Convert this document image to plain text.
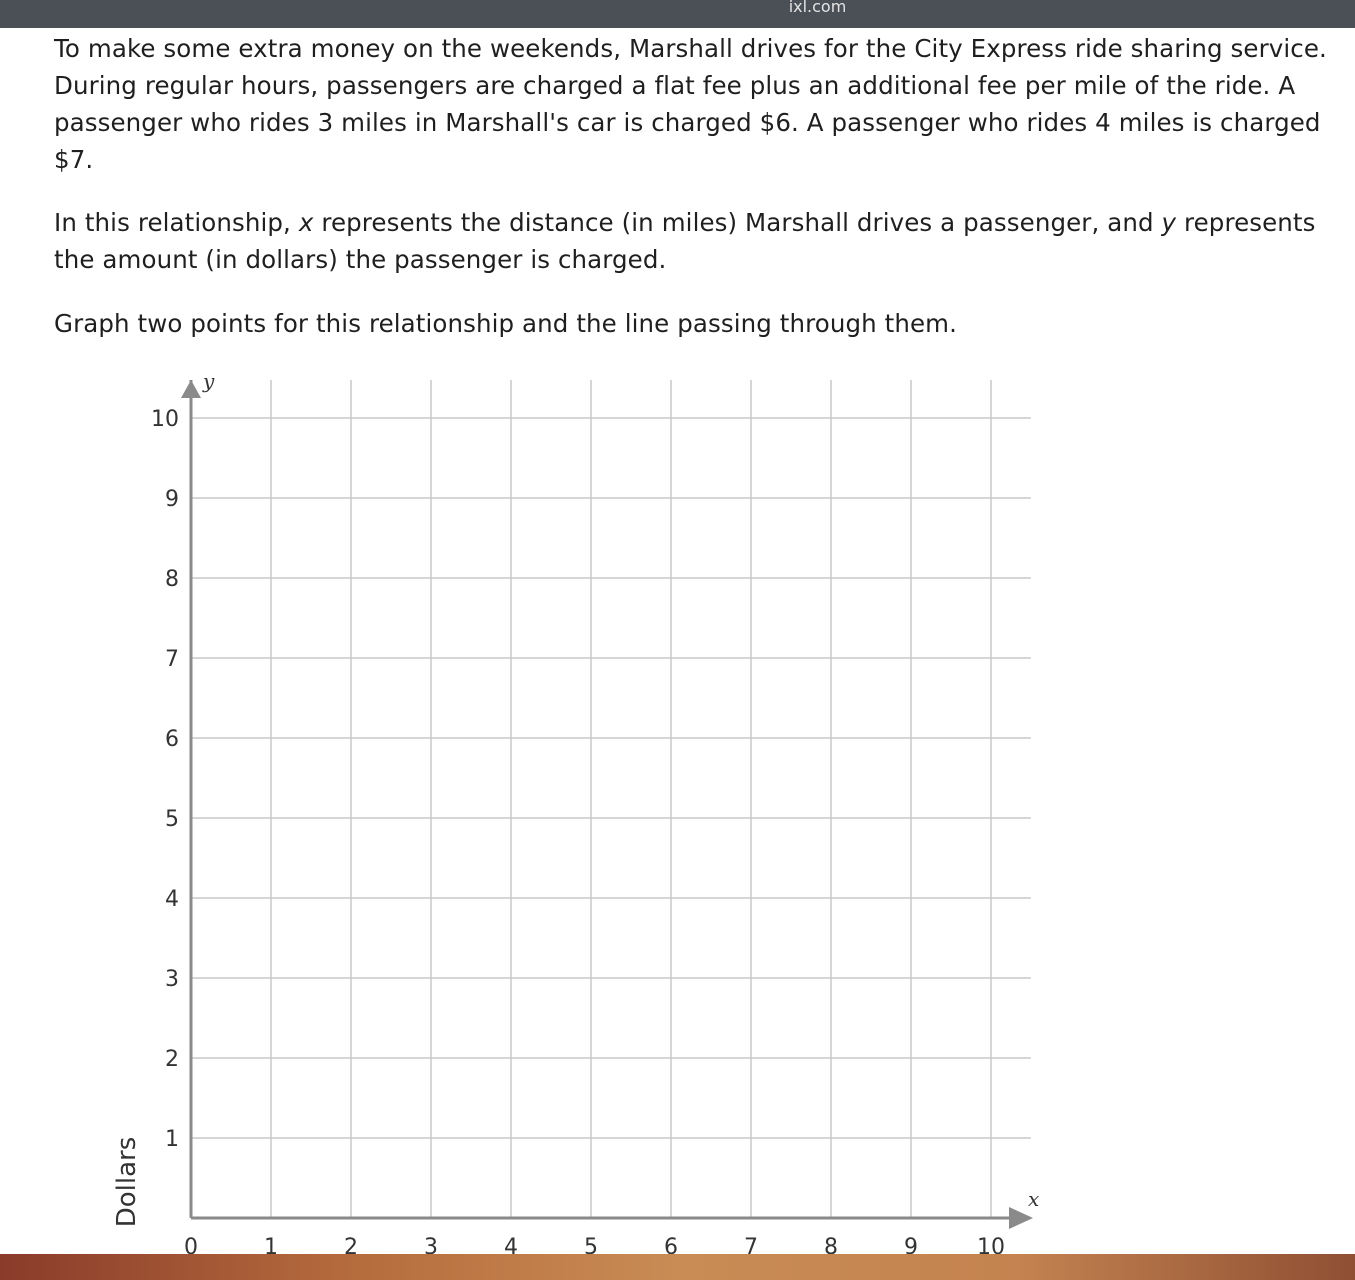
ixl.com

To make some extra money on the weekends, Marshall drives for the City Express ride sharing service. During regular hours, passengers are charged a flat fee plus an additional fee per mile of the ride. A passenger who rides 3 miles in Marshall's car is charged $6. A passenger who rides 4 miles is charged $7.

In this relationship, x represents the distance (in miles) Marshall drives a passenger, and y represents the amount (in dollars) the passenger is charged.

Graph two points for this relationship and the line passing through them.

0	1	2	3	4	5	6	7	8	9	10
1
2
3
4
5
6
7
8
9
10
Dollars
y
x
